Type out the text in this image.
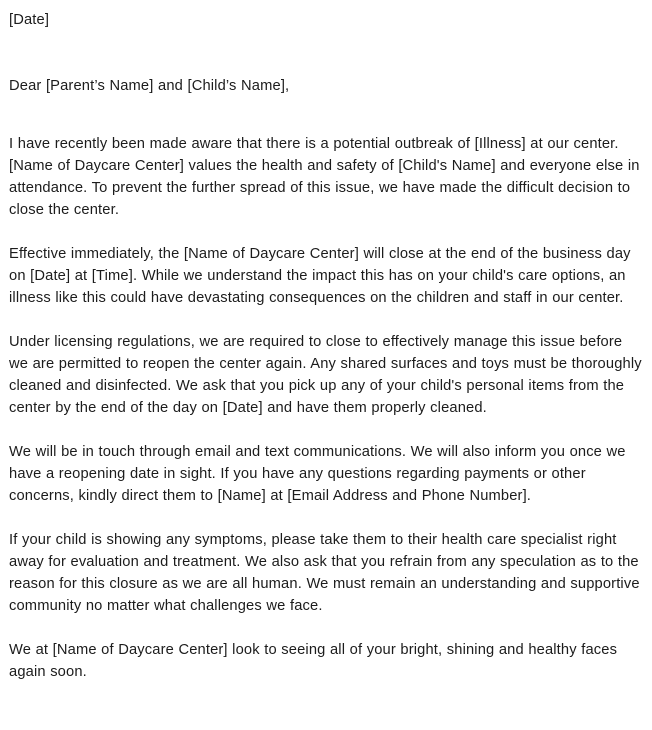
[Date]

Dear [Parent’s Name] and [Child’s Name],

I have recently been made aware that there is a potential outbreak of [Illness] at our center. [Name of Daycare Center] values the health and safety of [Child's Name] and everyone else in attendance. To prevent the further spread of this issue, we have made the difficult decision to close the center.

Effective immediately, the [Name of Daycare Center] will close at the end of the business day on [Date] at [Time]. While we understand the impact this has on your child's care options, an illness like this could have devastating consequences on the children and staff in our center.

Under licensing regulations, we are required to close to effectively manage this issue before we are permitted to reopen the center again. Any shared surfaces and toys must be thoroughly cleaned and disinfected. We ask that you pick up any of your child's personal items from the center by the end of the day on [Date] and have them properly cleaned.

We will be in touch through email and text communications. We will also inform you once we have a reopening date in sight. If you have any questions regarding payments or other concerns, kindly direct them to [Name] at [Email Address and Phone Number].

If your child is showing any symptoms, please take them to their health care specialist right away for evaluation and treatment. We also ask that you refrain from any speculation as to the reason for this closure as we are all human. We must remain an understanding and supportive community no matter what challenges we face.

We at [Name of Daycare Center] look to seeing all of your bright, shining and healthy faces again soon.
